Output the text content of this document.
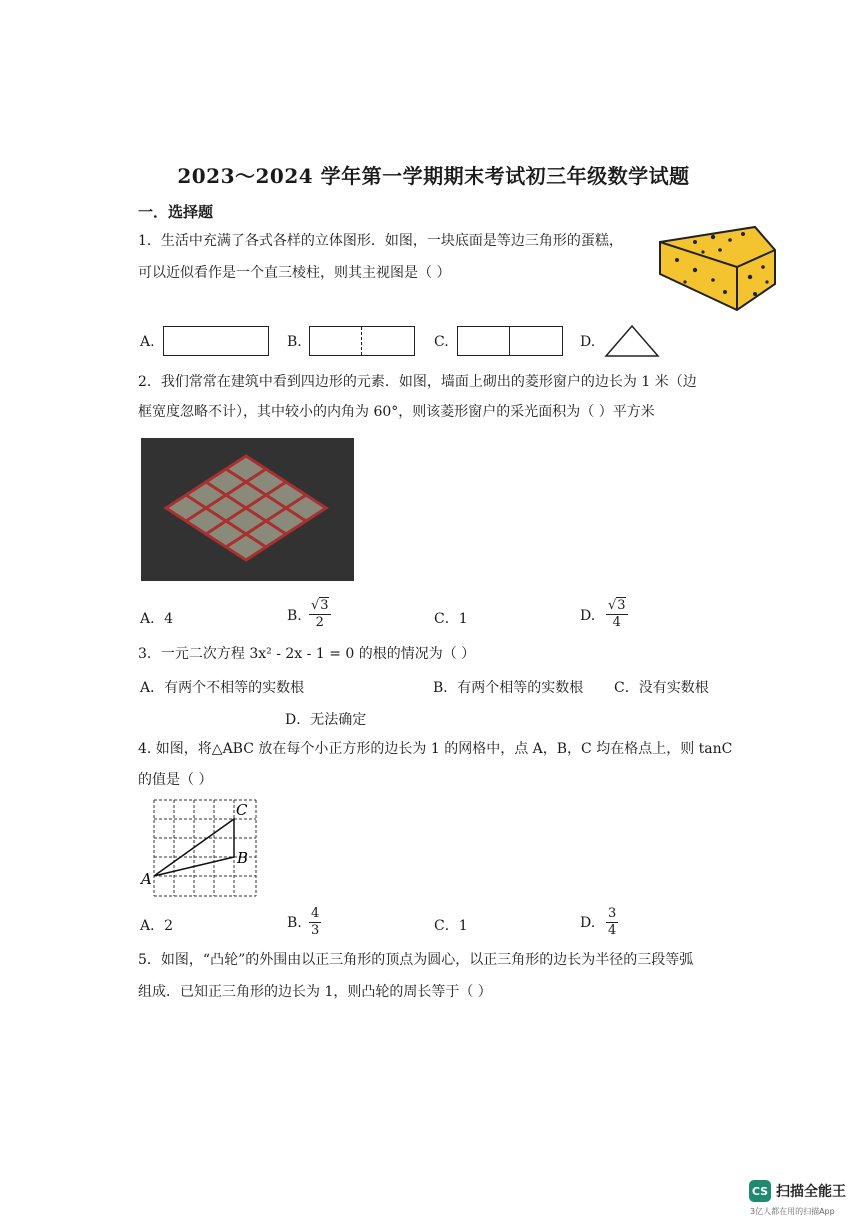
2023～2024 学年第一学期期末考试初三年级数学试题
一．选择题
1．生活中充满了各式各样的立体图形．如图，一块底面是等边三角形的蛋糕，
可以近似看作是一个直三棱柱，则其主视图是（ ）
A.	B.	C.	D.
2．我们常常在建筑中看到四边形的元素．如图，墙面上砌出的菱形窗户的边长为 1 米（边
框宽度忽略不计），其中较小的内角为 60°，则该菱形窗户的采光面积为（ ）平方米
A．4	B. $\frac{√3}{2}$	C．1	D. $\frac{√3}{4}$
3．一元二次方程 3x² - 2x - 1 = 0 的根的情况为（ ）
A．有两个不相等的实数根	B．有两个相等的实数根 C．没有实数根
D．无法确定
4. 如图，将△ABC 放在每个小正方形的边长为 1 的网格中，点 A，B，C 均在格点上，则 tanC
的值是（ ）
A
B
C
A．2	B. $\frac{4}{3}$	C．1	D. $\frac{3}{4}$
5．如图，“凸轮”的外围由以正三角形的顶点为圆心，以正三角形的边长为半径的三段等弧
组成．已知正三角形的边长为 1，则凸轮的周长等于（ ）
CS 扫描全能王
3亿人都在用的扫描App
